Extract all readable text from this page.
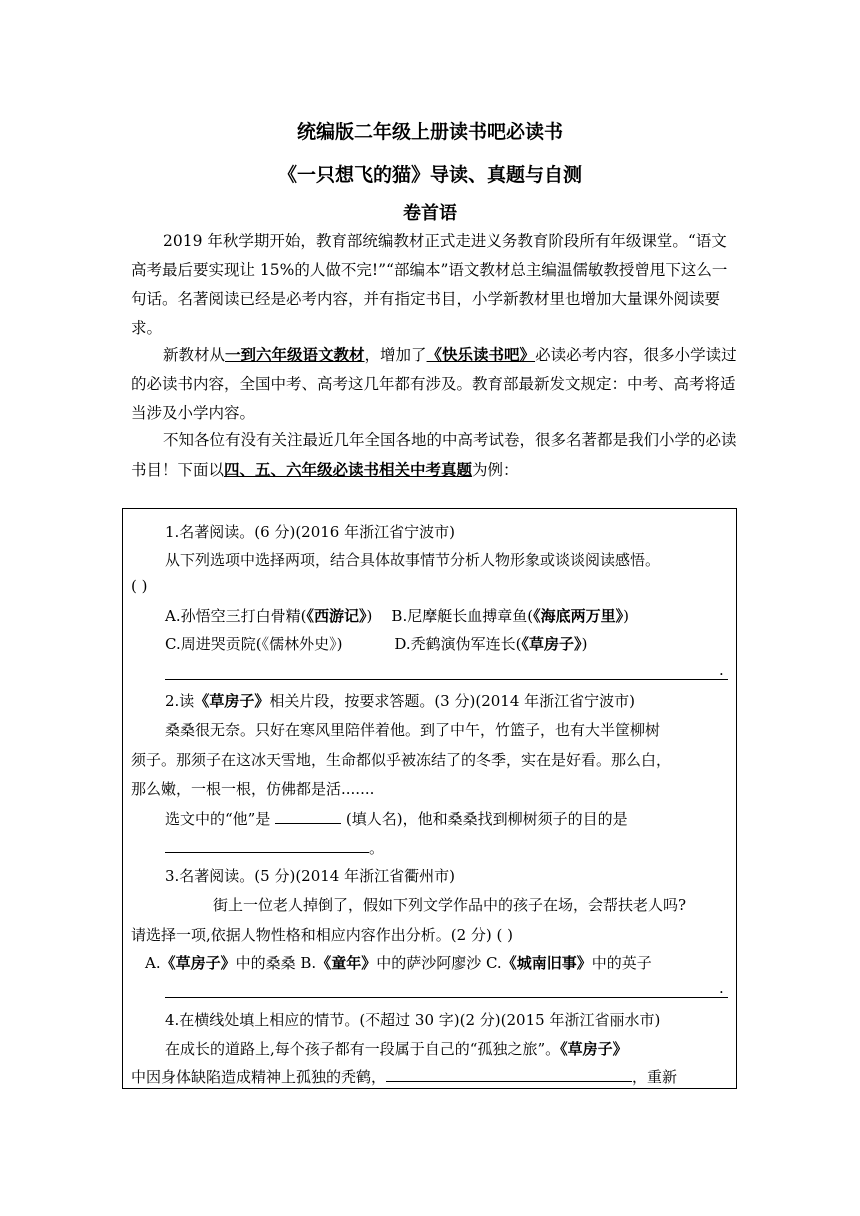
统编版二年级上册读书吧必读书
《一只想飞的猫》导读、真题与自测
卷首语
2019 年秋学期开始，教育部统编教材正式走进义务教育阶段所有年级课堂。“语文高考最后要实现让 15%的人做不完!”“部编本”语文教材总主编温儒敏教授曾甩下这么一句话。名著阅读已经是必考内容，并有指定书目，小学新教材里也增加大量课外阅读要求。
新教材从一到六年级语文教材，增加了《快乐读书吧》必读必考内容，很多小学读过的必读书内容，全国中考、高考这几年都有涉及。教育部最新发文规定：中考、高考将适当涉及小学内容。
不知各位有没有关注最近几年全国各地的中高考试卷，很多名著都是我们小学的必读书目！下面以四、五、六年级必读书相关中考真题为例：
1.名著阅读。(6 分)(2016 年浙江省宁波市)
从下列选项中选择两项，结合具体故事情节分析人物形象或谈谈阅读感悟。
( )
A.孙悟空三打白骨精(《西游记》) B.尼摩艇长血搏章鱼(《海底两万里》)
C.周进哭贡院(《儒林外史》)	D.秃鹤演伪军连长(《草房子》)
.
2.读《草房子》相关片段，按要求答题。(3 分)(2014 年浙江省宁波市)
桑桑很无奈。只好在寒风里陪伴着他。到了中午，竹篮子，也有大半筐柳树
须子。那须子在这冰天雪地，生命都似乎被冻结了的冬季，实在是好看。那么白，
那么嫩，一根一根，仿佛都是活.......
选文中的“他”是	(填人名)，他和桑桑找到柳树须子的目的是
。
3.名著阅读。(5 分)(2014 年浙江省衢州市)
街上一位老人掉倒了，假如下列文学作品中的孩子在场，会帮扶老人吗?
请选择一项,依据人物性格和相应内容作出分析。(2 分) ( )
A.《草房子》中的桑桑 B.《童年》中的萨沙阿廖沙 C.《城南旧事》中的英子
.
4.在横线处填上相应的情节。(不超过 30 字)(2 分)(2015 年浙江省丽水市)
在成长的道路上,每个孩子都有一段属于自己的“孤独之旅”。《草房子》
中因身体缺陷造成精神上孤独的秃鹤，	，重新
